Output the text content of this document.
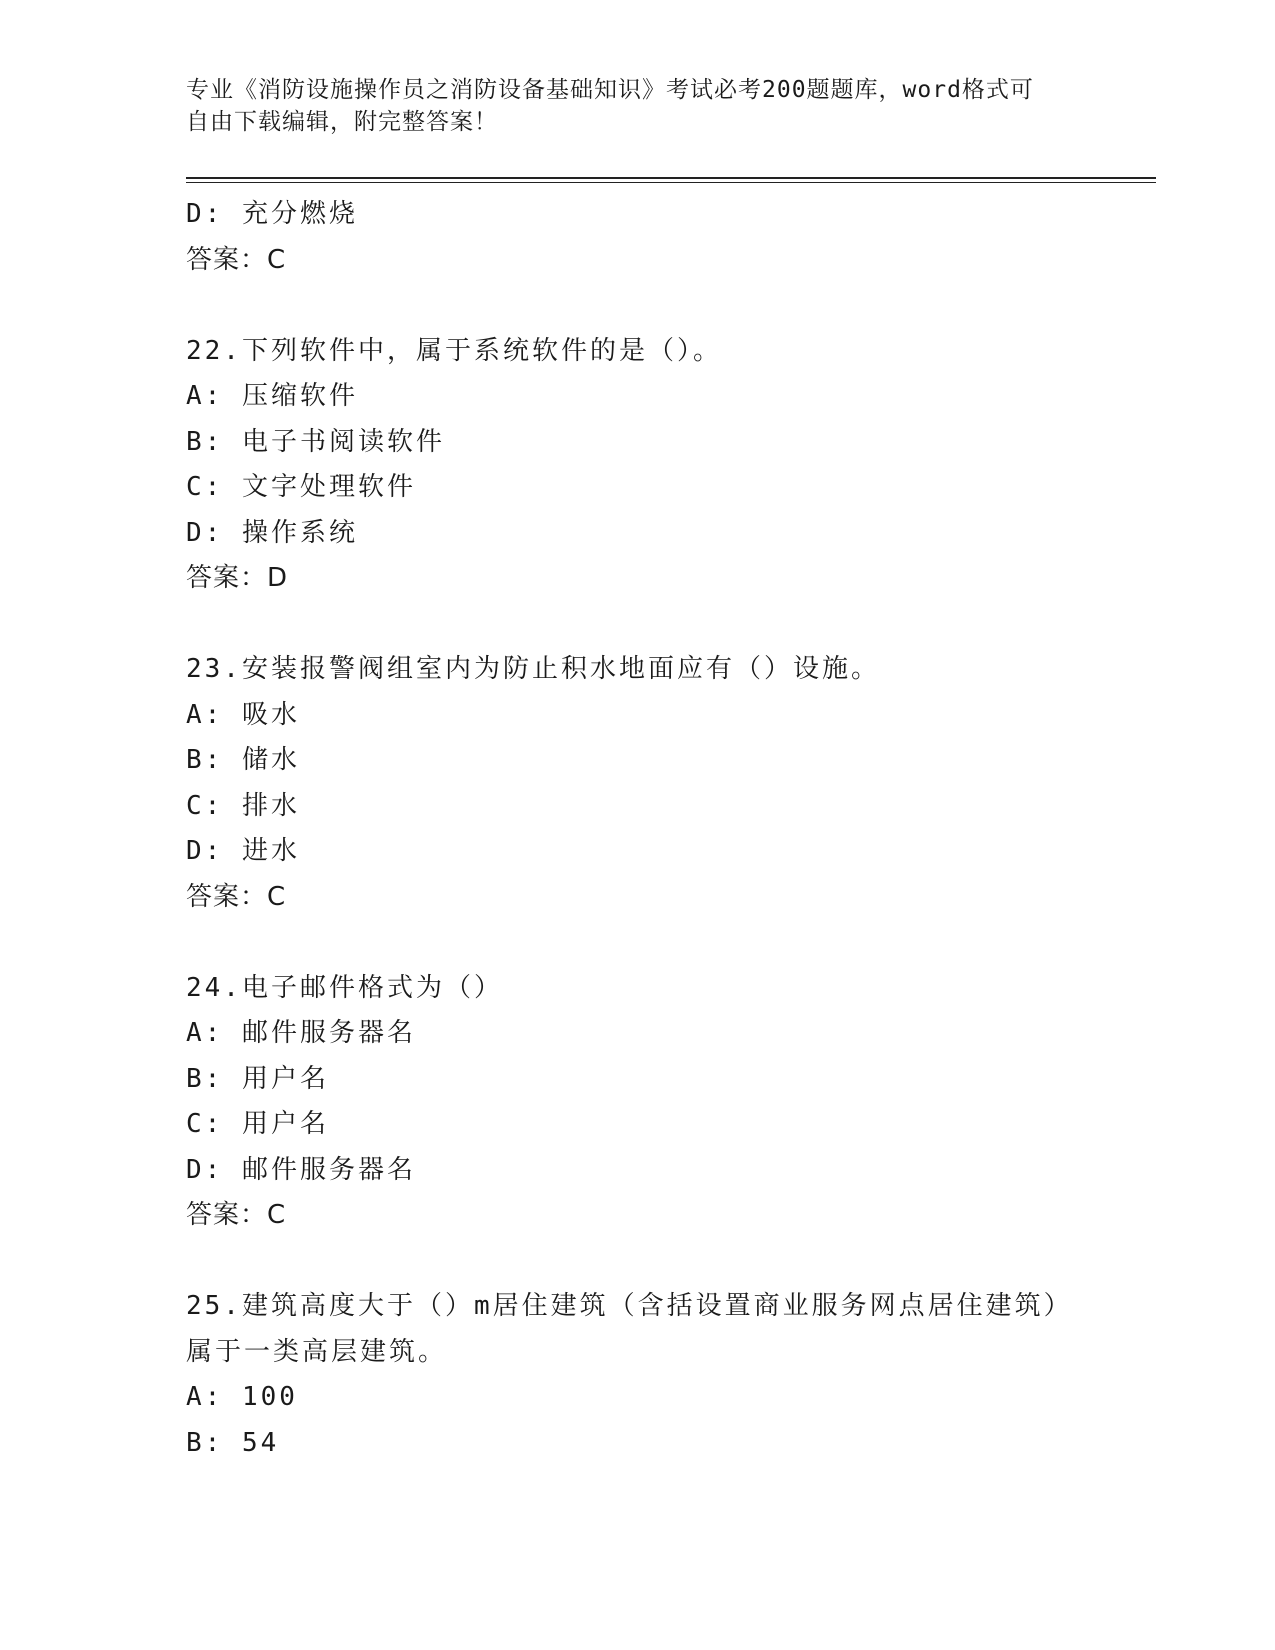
专业《消防设施操作员之消防设备基础知识》考试必考200题题库，word格式可
自由下载编辑，附完整答案！
D: 充分燃烧
答案：C
22.下列软件中，属于系统软件的是（）。
A: 压缩软件
B: 电子书阅读软件
C: 文字处理软件
D: 操作系统
答案：D
23.安装报警阀组室内为防止积水地面应有（）设施。
A: 吸水
B: 储水
C: 排水
D: 进水
答案：C
24.电子邮件格式为（）
A: 邮件服务器名
B: 用户名
C: 用户名
D: 邮件服务器名
答案：C
25.建筑高度大于（）m居住建筑（含括设置商业服务网点居住建筑）
属于一类高层建筑。
A: 100
B: 54
